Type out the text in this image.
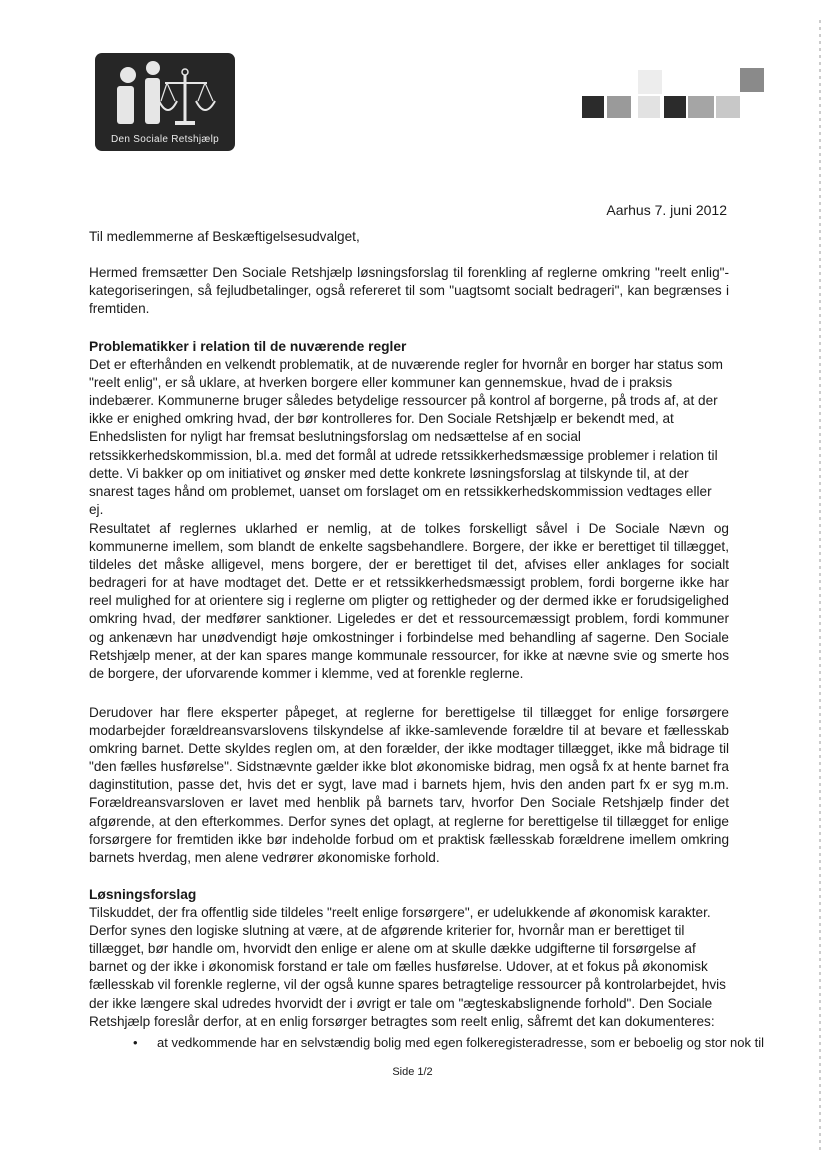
Den Sociale Retshjælp
Aarhus 7. juni 2012

Til medlemmerne af Beskæftigelsesudvalget,

Hermed fremsætter Den Sociale Retshjælp løsningsforslag til forenkling af reglerne omkring "reelt enlig"-kategoriseringen, så fejludbetalinger, også refereret til som "uagtsomt socialt bedrageri", kan begrænses i fremtiden.

Problematikker i relation til de nuværende regler

Det er efterhånden en velkendt problematik, at de nuværende regler for hvornår en borger har status som "reelt enlig", er så uklare, at hverken borgere eller kommuner kan gennemskue, hvad de i praksis indebærer. Kommunerne bruger således betydelige ressourcer på kontrol af borgerne, på trods af, at der ikke er enighed omkring hvad, der bør kontrolleres for. Den Sociale Retshjælp er bekendt med, at Enhedslisten for nyligt har fremsat beslutningsforslag om nedsættelse af en social retssikkerhedskommission, bl.a. med det formål at udrede retssikkerhedsmæssige problemer i relation til dette. Vi bakker op om initiativet og ønsker med dette konkrete løsningsforslag at tilskynde til, at der snarest tages hånd om problemet, uanset om forslaget om en retssikkerhedskommission vedtages eller ej.

Resultatet af reglernes uklarhed er nemlig, at de tolkes forskelligt såvel i De Sociale Nævn og kommunerne imellem, som blandt de enkelte sagsbehandlere. Borgere, der ikke er berettiget til tillægget, tildeles det måske alligevel, mens borgere, der er berettiget til det, afvises eller anklages for socialt bedrageri for at have modtaget det. Dette er et retssikkerhedsmæssigt problem, fordi borgerne ikke har reel mulighed for at orientere sig i reglerne om pligter og rettigheder og der dermed ikke er forudsigelighed omkring hvad, der medfører sanktioner. Ligeledes er det et ressourcemæssigt problem, fordi kommuner og ankenævn har unødvendigt høje omkostninger i forbindelse med behandling af sagerne. Den Sociale Retshjælp mener, at der kan spares mange kommunale ressourcer, for ikke at nævne svie og smerte hos de borgere, der uforvarende kommer i klemme, ved at forenkle reglerne.

Derudover har flere eksperter påpeget, at reglerne for berettigelse til tillægget for enlige forsørgere modarbejder forældreansvarslovens tilskyndelse af ikke-samlevende forældre til at bevare et fællesskab omkring barnet. Dette skyldes reglen om, at den forælder, der ikke modtager tillægget, ikke må bidrage til "den fælles husførelse". Sidstnævnte gælder ikke blot økonomiske bidrag, men også fx at hente barnet fra daginstitution, passe det, hvis det er sygt, lave mad i barnets hjem, hvis den anden part fx er syg m.m. Forældreansvarsloven er lavet med henblik på barnets tarv, hvorfor Den Sociale Retshjælp finder det afgørende, at den efterkommes. Derfor synes det oplagt, at reglerne for berettigelse til tillægget for enlige forsørgere for fremtiden ikke bør indeholde forbud om et praktisk fællesskab forældrene imellem omkring barnets hverdag, men alene vedrører økonomiske forhold.

Løsningsforslag

Tilskuddet, der fra offentlig side tildeles "reelt enlige forsørgere", er udelukkende af økonomisk karakter. Derfor synes den logiske slutning at være, at de afgørende kriterier for, hvornår man er berettiget til tillægget, bør handle om, hvorvidt den enlige er alene om at skulle dække udgifterne til forsørgelse af barnet og der ikke i økonomisk forstand er tale om fælles husførelse. Udover, at et fokus på økonomisk fællesskab vil forenkle reglerne, vil der også kunne spares betragtelige ressourcer på kontrolarbejdet, hvis der ikke længere skal udredes hvorvidt der i øvrigt er tale om "ægteskabslignende forhold". Den Sociale Retshjælp foreslår derfor, at en enlig forsørger betragtes som reelt enlig, såfremt det kan dokumenteres:

• at vedkommende har en selvstændig bolig med egen folkeregisteradresse, som er beboelig og stor nok til
Side 1/2
